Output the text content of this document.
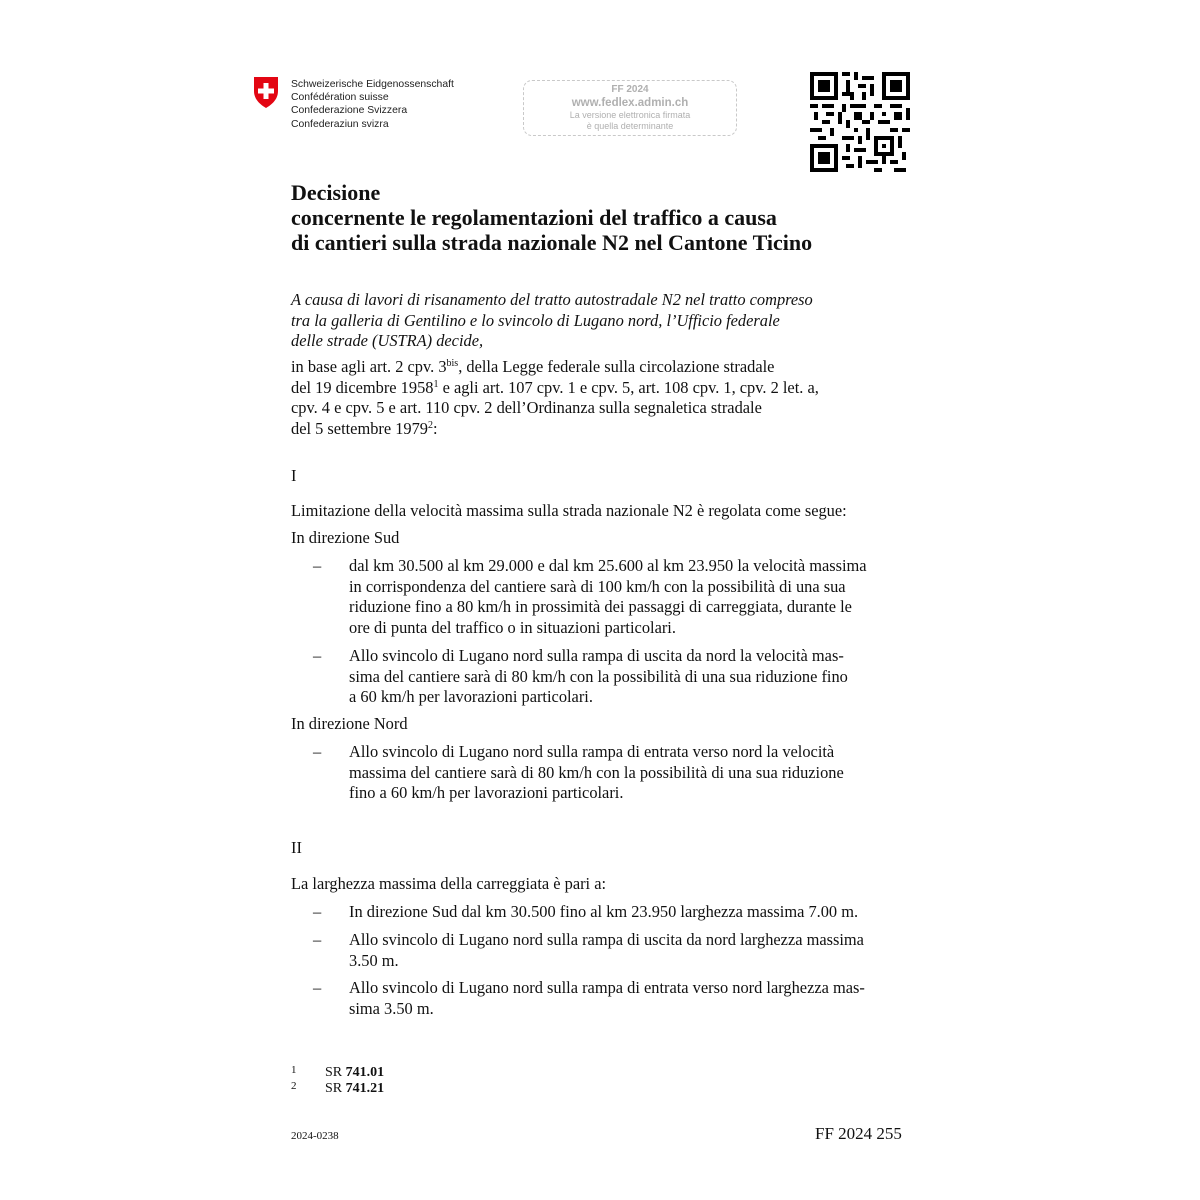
Schweizerische Eidgenossenschaft
Confédération suisse
Confederazione Svizzera
Confederaziun svizra
FF 2024
www.fedlex.admin.ch
La versione elettronica firmata
è quella determinante
Decisione
concernente le regolamentazioni del traffico a causa
di cantieri sulla strada nazionale N2 nel Cantone Ticino
A causa di lavori di risanamento del tratto autostradale N2 nel tratto compreso
tra la galleria di Gentilino e lo svincolo di Lugano nord, l’Ufficio federale
delle strade (USTRA) decide,
in base agli art. 2 cpv. $3^{bis}$, della Legge federale sulla circolazione stradale
del 19 dicembre 1958$^1$ e agli art. 107 cpv. 1 e cpv. 5, art. 108 cpv. 1, cpv. 2 let. a,
cpv. 4 e cpv. 5 e art. 110 cpv. 2 dell’Ordinanza sulla segnaletica stradale
del 5 settembre 1979$^2$:
I
Limitazione della velocità massima sulla strada nazionale N2 è regolata come segue:
In direzione Sud
– dal km 30.500 al km 29.000 e dal km 25.600 al km 23.950 la velocità massima
in corrispondenza del cantiere sarà di 100 km/h con la possibilità di una sua
riduzione fino a 80 km/h in prossimità dei passaggi di carreggiata, durante le
ore di punta del traffico o in situazioni particolari.
– Allo svincolo di Lugano nord sulla rampa di uscita da nord la velocità mas-
sima del cantiere sarà di 80 km/h con la possibilità di una sua riduzione fino
a 60 km/h per lavorazioni particolari.
In direzione Nord
– Allo svincolo di Lugano nord sulla rampa di entrata verso nord la velocità
massima del cantiere sarà di 80 km/h con la possibilità di una sua riduzione
fino a 60 km/h per lavorazioni particolari.
II
La larghezza massima della carreggiata è pari a:
– In direzione Sud dal km 30.500 fino al km 23.950 larghezza massima 7.00 m.
– Allo svincolo di Lugano nord sulla rampa di uscita da nord larghezza massima
3.50 m.
– Allo svincolo di Lugano nord sulla rampa di entrata verso nord larghezza mas-
sima 3.50 m.
1 SR 741.01
2 SR 741.21
2024-0238	FF 2024 255
